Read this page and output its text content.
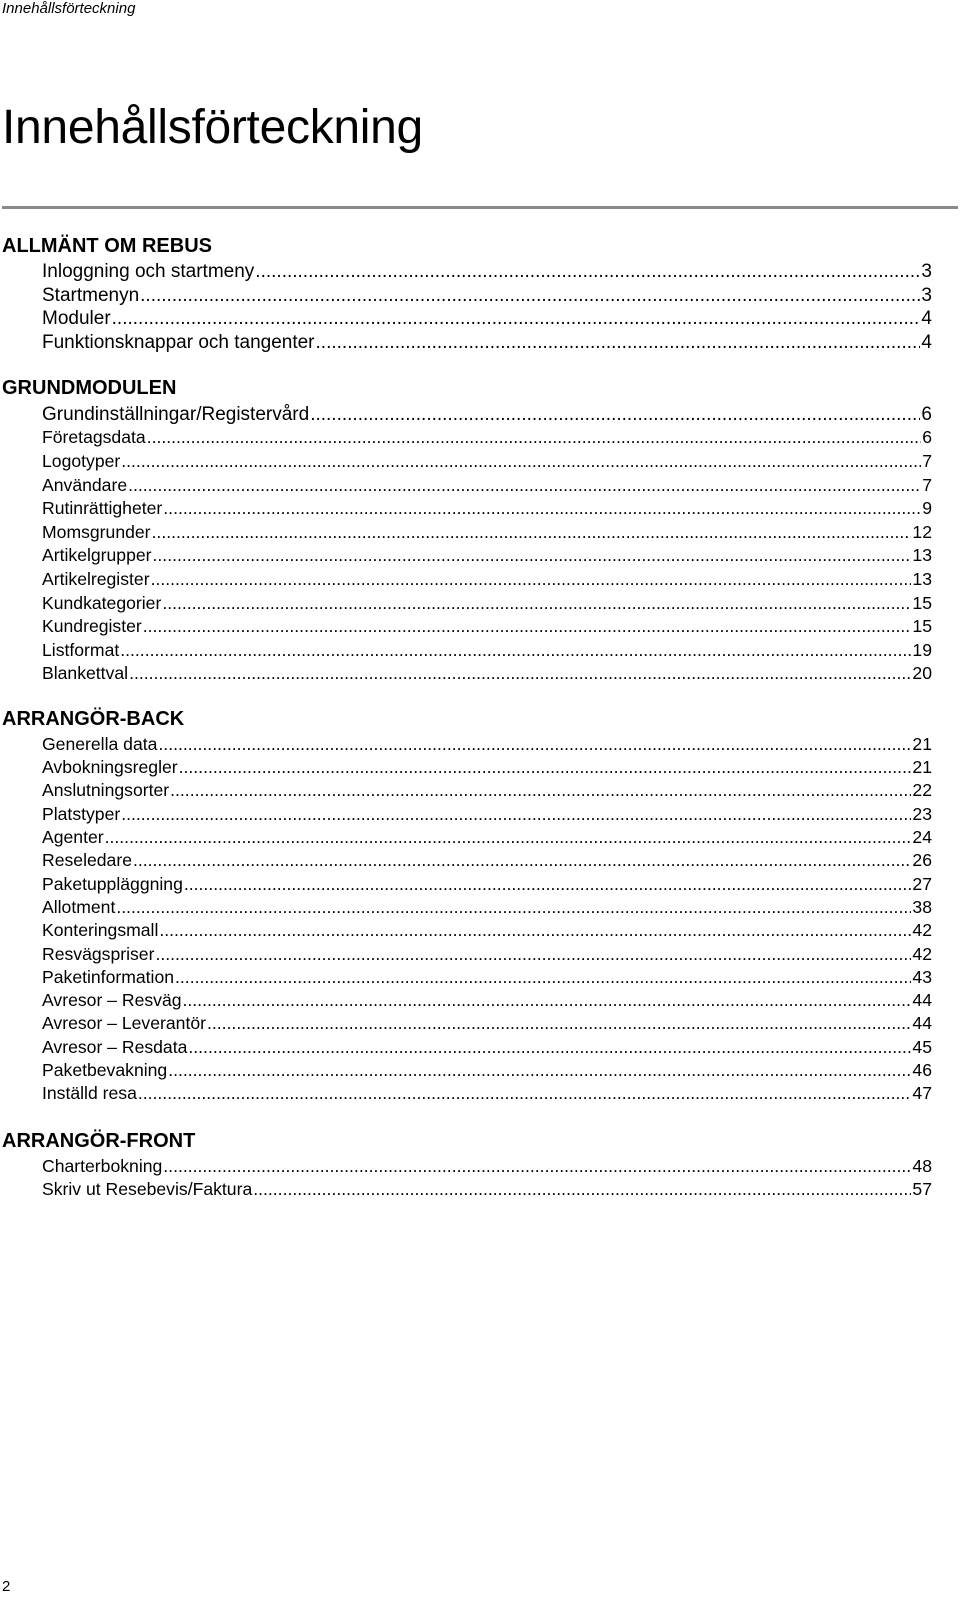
Innehållsförteckning
Innehållsförteckning
ALLMÄNT OM REBUS
Inloggning och startmeny .....	3
Startmenyn .....	3
Moduler .....	4
Funktionsknappar och tangenter .....	4
GRUNDMODULEN
Grundinställningar/Registervård .....	6
Företagsdata .....	6
Logotyper .....	7
Användare .....	7
Rutinrättigheter .....	9
Momsgrunder .....	12
Artikelgrupper .....	13
Artikelregister .....	13
Kundkategorier .....	15
Kundregister .....	15
Listformat .....	19
Blankettval .....	20
ARRANGÖR-BACK
Generella data .....	21
Avbokningsregler .....	21
Anslutningsorter .....	22
Platstyper .....	23
Agenter .....	24
Reseledare .....	26
Paketuppläggning .....	27
Allotment .....	38
Konteringsmall .....	42
Resvägspriser .....	42
Paketinformation .....	43
Avresor – Resväg .....	44
Avresor – Leverantör .....	44
Avresor – Resdata .....	45
Paketbevakning .....	46
Inställd resa .....	47
ARRANGÖR-FRONT
Charterbokning .....	48
Skriv ut Resebevis/Faktura .....	57
2
